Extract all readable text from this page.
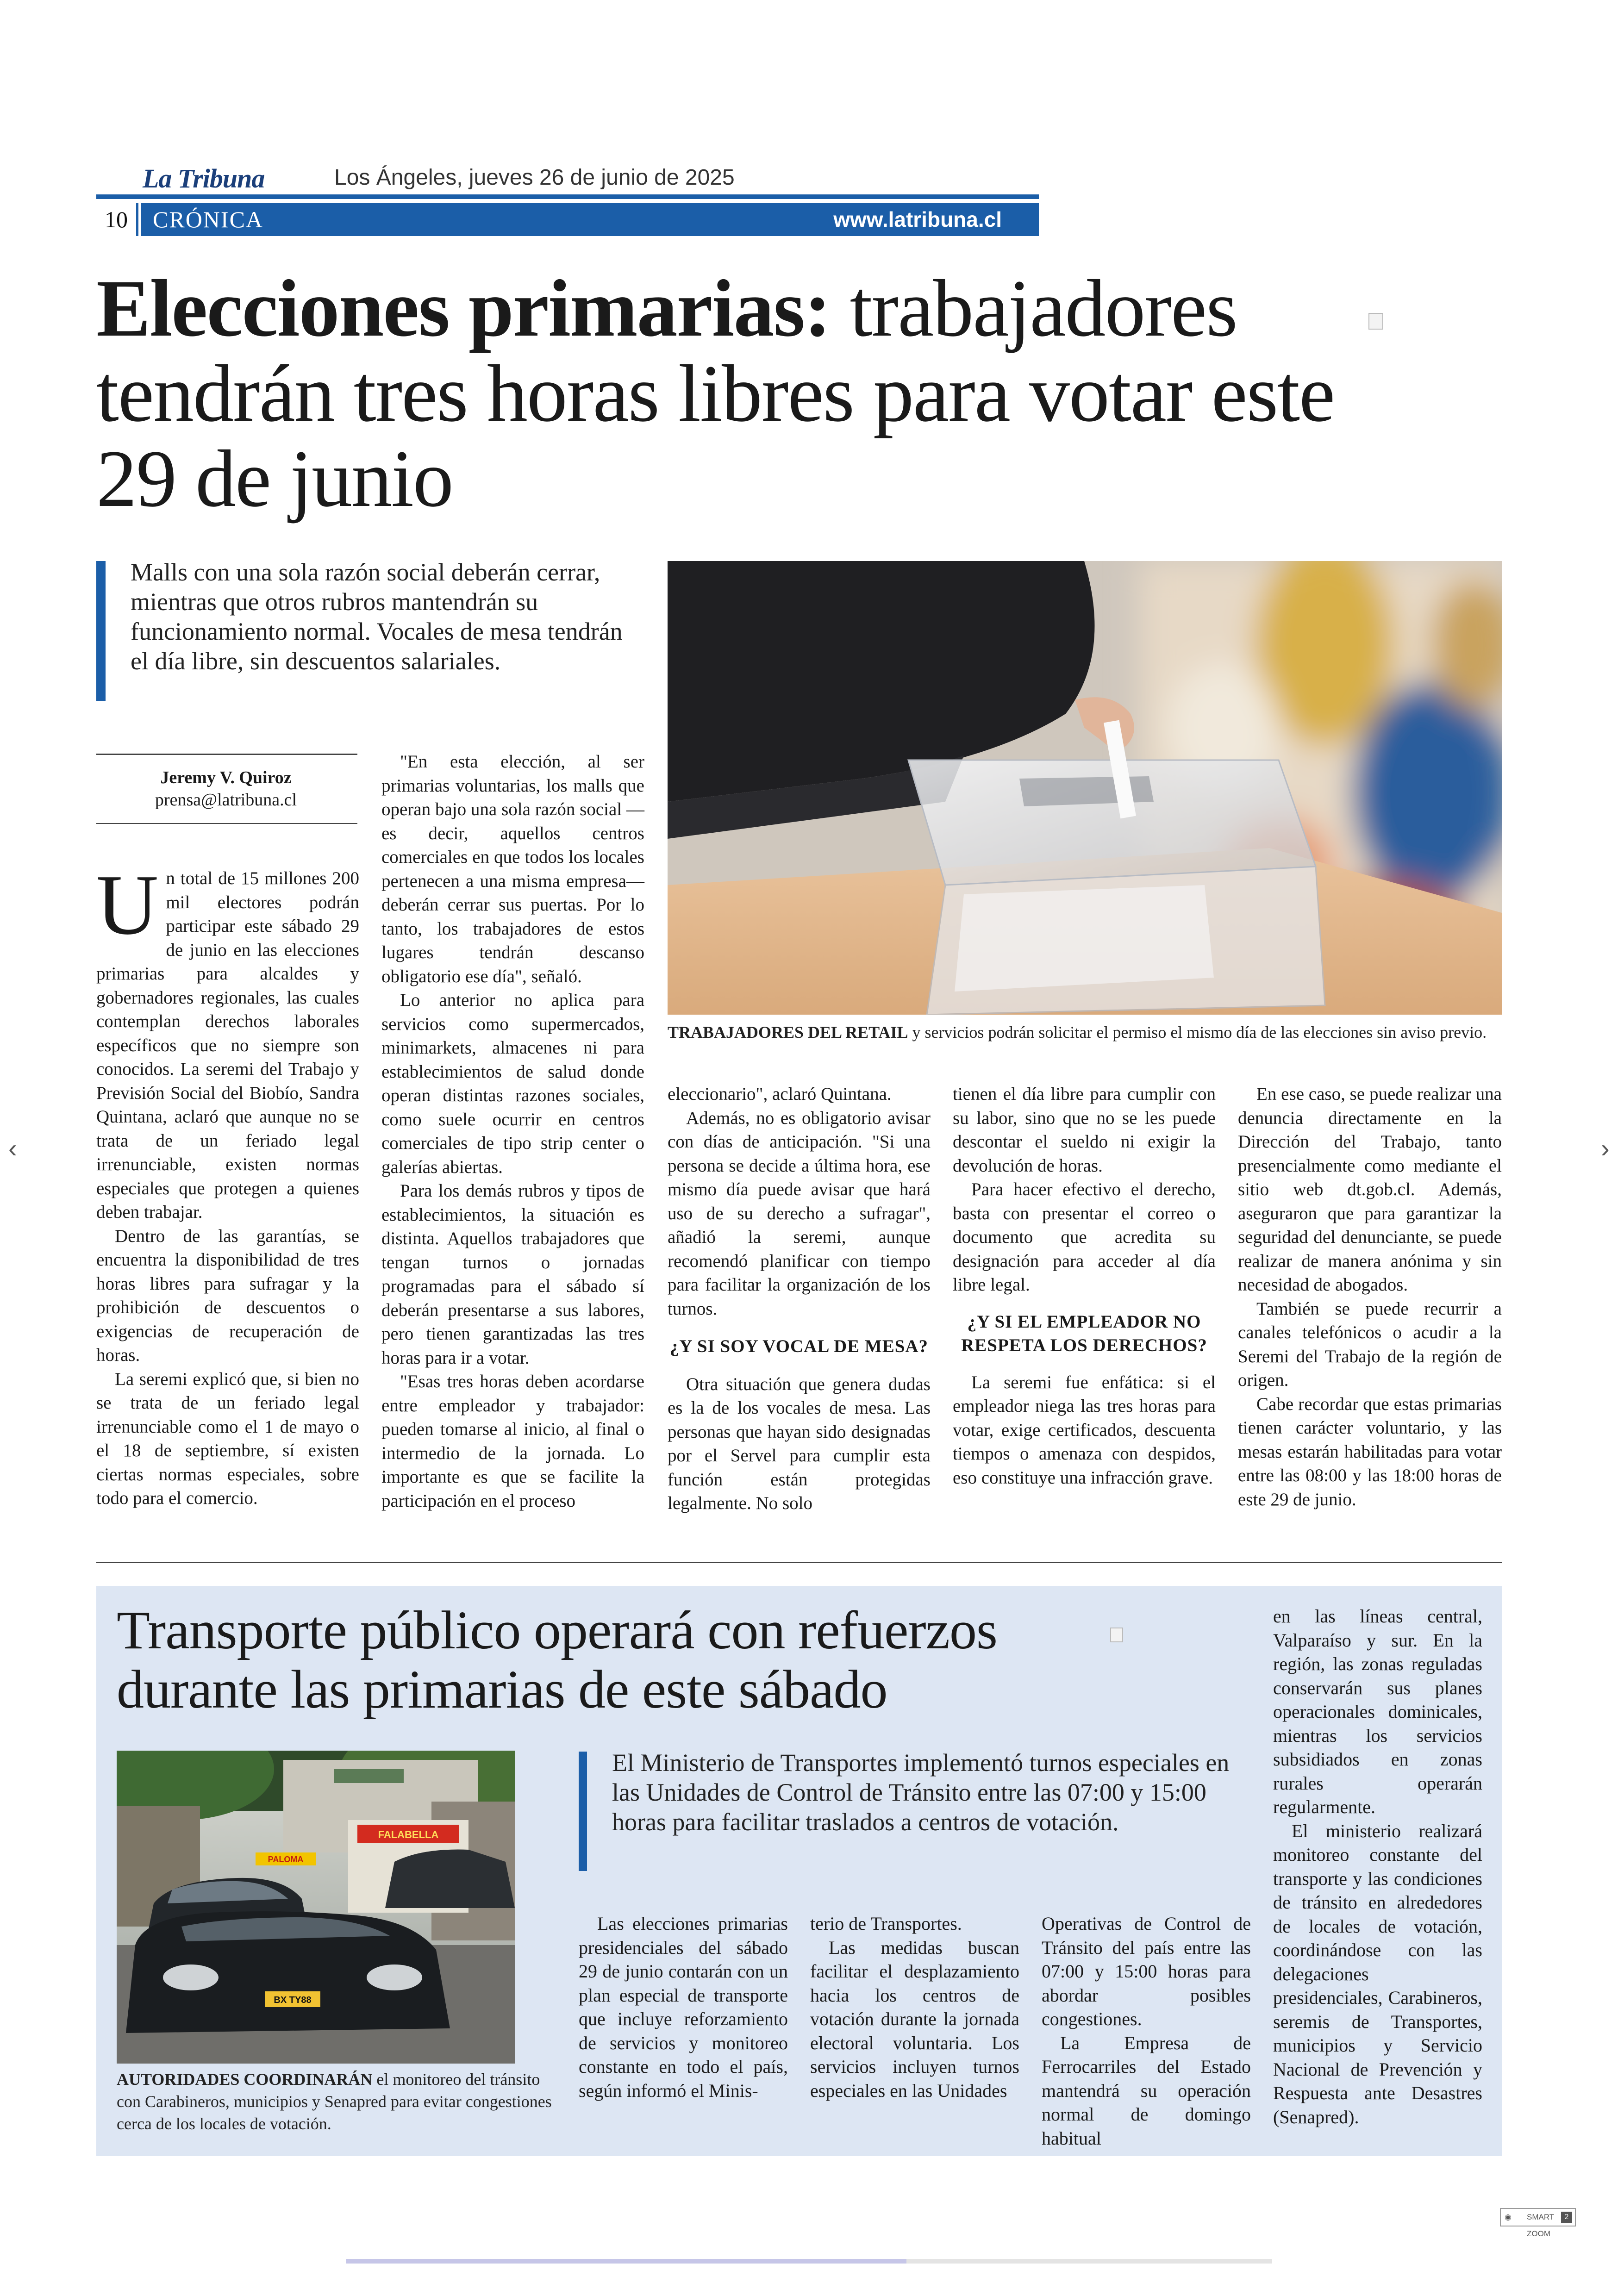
La Tribuna	Los Ángeles, jueves 26 de junio de 2025
10	CRÓNICA	www.latribuna.cl
Elecciones primarias: trabajadores tendrán tres horas libres para votar este 29 de junio
Malls con una sola razón social deberán cerrar, mientras que otros rubros mantendrán su funcionamiento normal. Vocales de mesa tendrán el día libre, sin descuentos salariales.
TRABAJADORES DEL RETAIL y servicios podrán solicitar el permiso el mismo día de las elecciones sin aviso previo.
Jeremy V. Quiroz
prensa@latribuna.cl

Un total de 15 millones 200 mil electores podrán participar este sábado 29 de junio en las elecciones primarias para alcaldes y gobernadores regionales, las cuales contemplan derechos laborales específicos que no siempre son conocidos. La seremi del Trabajo y Previsión Social del Biobío, Sandra Quintana, aclaró que aunque no se trata de un feriado legal irrenunciable, existen normas especiales que protegen a quienes deben trabajar.

Dentro de las garantías, se encuentra la disponibilidad de tres horas libres para sufragar y la prohibición de descuentos o exigencias de recuperación de horas.

La seremi explicó que, si bien no se trata de un feriado legal irrenunciable como el 1 de mayo o el 18 de septiembre, sí existen ciertas normas especiales, sobre todo para el comercio.

"En esta elección, al ser primarias voluntarias, los malls que operan bajo una sola razón social —es decir, aquellos centros comerciales en que todos los locales pertenecen a una misma empresa— deberán cerrar sus puertas. Por lo tanto, los trabajadores de estos lugares tendrán descanso obligatorio ese día", señaló.

Lo anterior no aplica para servicios como supermercados, minimarkets, almacenes ni para establecimientos de salud donde operan distintas razones sociales, como suele ocurrir en centros comerciales de tipo strip center o galerías abiertas.

Para los demás rubros y tipos de establecimientos, la situación es distinta. Aquellos trabajadores que tengan turnos o jornadas programadas para el sábado sí deberán presentarse a sus labores, pero tienen garantizadas las tres horas para ir a votar.

"Esas tres horas deben acordarse entre empleador y trabajador: pueden tomarse al inicio, al final o intermedio de la jornada. Lo importante es que se facilite la participación en el proceso

eleccionario", aclaró Quintana.

Además, no es obligatorio avisar con días de anticipación. "Si una persona se decide a última hora, ese mismo día puede avisar que hará uso de su derecho a sufragar", añadió la seremi, aunque recomendó planificar con tiempo para facilitar la organización de los turnos.

¿Y SI SOY VOCAL DE MESA?

Otra situación que genera dudas es la de los vocales de mesa. Las personas que hayan sido designadas por el Servel para cumplir esta función están protegidas legalmente. No solo

tienen el día libre para cumplir con su labor, sino que no se les puede descontar el sueldo ni exigir la devolución de horas.

Para hacer efectivo el derecho, basta con presentar el correo o documento que acredita su designación para acceder al día libre legal.

¿Y SI EL EMPLEADOR NO RESPETA LOS DERECHOS?

La seremi fue enfática: si el empleador niega las tres horas para votar, exige certificados, descuenta tiempos o amenaza con despidos, eso constituye una infracción grave.

En ese caso, se puede realizar una denuncia directamente en la Dirección del Trabajo, tanto presencialmente como mediante el sitio web dt.gob.cl. Además, aseguraron que para garantizar la seguridad del denunciante, se puede realizar de manera anónima y sin necesidad de abogados.

También se puede recurrir a canales telefónicos o acudir a la Seremi del Trabajo de la región de origen.

Cabe recordar que estas primarias tienen carácter voluntario, y las mesas estarán habilitadas para votar entre las 08:00 y las 18:00 horas de este 29 de junio.

Transporte público operará con refuerzos durante las primarias de este sábado
FALABELLA
PALOMA
BX TY88
AUTORIDADES COORDINARÁN el monitoreo del tránsito con Carabineros, municipios y Senapred para evitar congestiones cerca de los locales de votación.
El Ministerio de Transportes implementó turnos especiales en las Unidades de Control de Tránsito entre las 07:00 y 15:00 horas para facilitar traslados a centros de votación.

Las elecciones primarias presidenciales del sábado 29 de junio contarán con un plan especial de transporte que incluye reforzamiento de servicios y monitoreo constante en todo el país, según informó el Minis-

terio de Transportes.

Las medidas buscan facilitar el desplazamiento hacia los centros de votación durante la jornada electoral voluntaria. Los servicios incluyen turnos especiales en las Unidades

Operativas de Control de Tránsito del país entre las 07:00 y 15:00 horas para abordar posibles congestiones.

La Empresa de Ferrocarriles del Estado mantendrá su operación normal de domingo habitual

en las líneas central, Valparaíso y sur. En la región, las zonas reguladas conservarán sus planes operacionales dominicales, mientras los servicios subsidiados en zonas rurales operarán regularmente.

El ministerio realizará monitoreo constante del transporte y las condiciones de tránsito en alrededores de locales de votación, coordinándose con las delegaciones presidenciales, Carabineros, seremis de Transportes, municipios y Servicio Nacional de Prevención y Respuesta ante Desastres (Senapred).

‹	›
◉ SMART ZOOM
2
